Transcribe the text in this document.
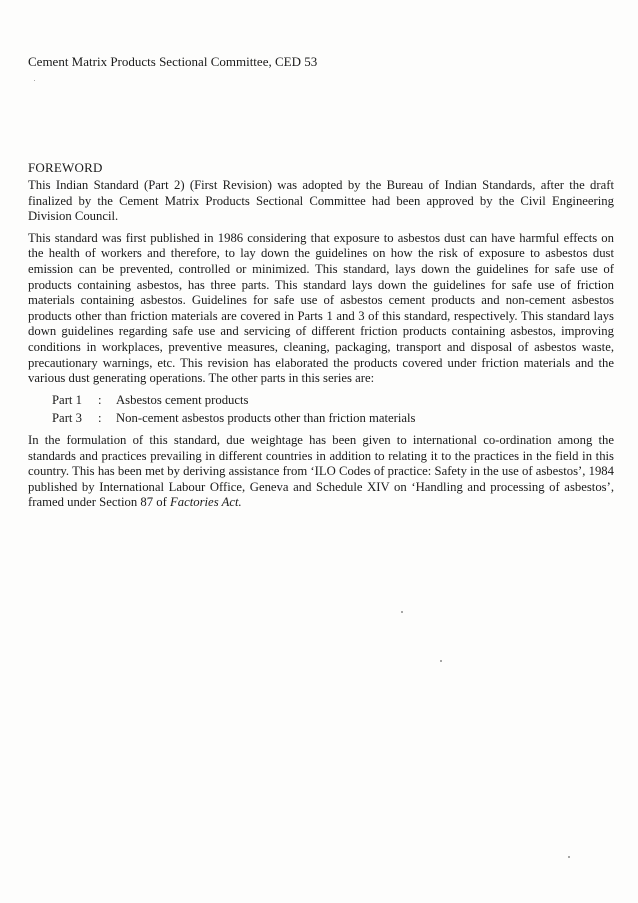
Cement Matrix Products Sectional Committee, CED 53
FOREWORD

This Indian Standard (Part 2) (First Revision) was adopted by the Bureau of Indian Standards, after the draft finalized by the Cement Matrix Products Sectional Committee had been approved by the Civil Engineering Division Council.

This standard was first published in 1986 considering that exposure to asbestos dust can have harmful effects on the health of workers and therefore, to lay down the guidelines on how the risk of exposure to asbestos dust emission can be prevented, controlled or minimized. This standard, lays down the guidelines for safe use of products containing asbestos, has three parts. This standard lays down the guidelines for safe use of friction materials containing asbestos. Guidelines for safe use of asbestos cement products and non-cement asbestos products other than friction materials are covered in Parts 1 and 3 of this standard, respectively. This standard lays down guidelines regarding safe use and servicing of different friction products containing asbestos, improving conditions in workplaces, preventive measures, cleaning, packaging, transport and disposal of asbestos waste, precautionary warnings, etc. This revision has elaborated the products covered under friction materials and the various dust generating operations. The other parts in this series are:

Part 1	:	Asbestos cement products
Part 3	:	Non-cement asbestos products other than friction materials

In the formulation of this standard, due weightage has been given to international co-ordination among the standards and practices prevailing in different countries in addition to relating it to the practices in the field in this country. This has been met by deriving assistance from ‘ILO Codes of practice: Safety in the use of asbestos’, 1984 published by International Labour Office, Geneva and Schedule XIV on ‘Handling and processing of asbestos’, framed under Section 87 of Factories Act.
